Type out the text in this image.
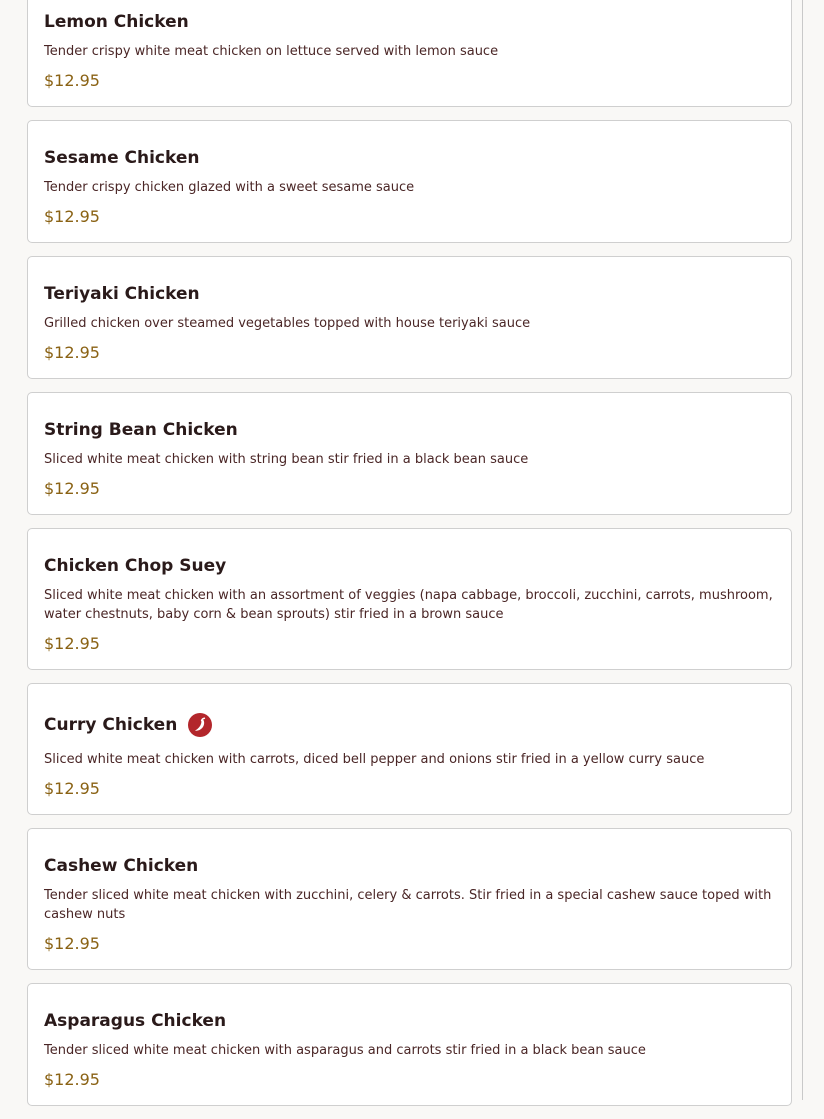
Lemon Chicken
Tender crispy white meat chicken on lettuce served with lemon sauce
$12.95
Sesame Chicken
Tender crispy chicken glazed with a sweet sesame sauce
$12.95
Teriyaki Chicken
Grilled chicken over steamed vegetables topped with house teriyaki sauce
$12.95
String Bean Chicken
Sliced white meat chicken with string bean stir fried in a black bean sauce
$12.95
Chicken Chop Suey
Sliced white meat chicken with an assortment of veggies (napa cabbage, broccoli, zucchini, carrots, mushroom, water chestnuts, baby corn & bean sprouts) stir fried in a brown sauce
$12.95
Curry Chicken
Sliced white meat chicken with carrots, diced bell pepper and onions stir fried in a yellow curry sauce
$12.95
Cashew Chicken
Tender sliced white meat chicken with zucchini, celery & carrots. Stir fried in a special cashew sauce toped with cashew nuts
$12.95
Asparagus Chicken
Tender sliced white meat chicken with asparagus and carrots stir fried in a black bean sauce
$12.95
